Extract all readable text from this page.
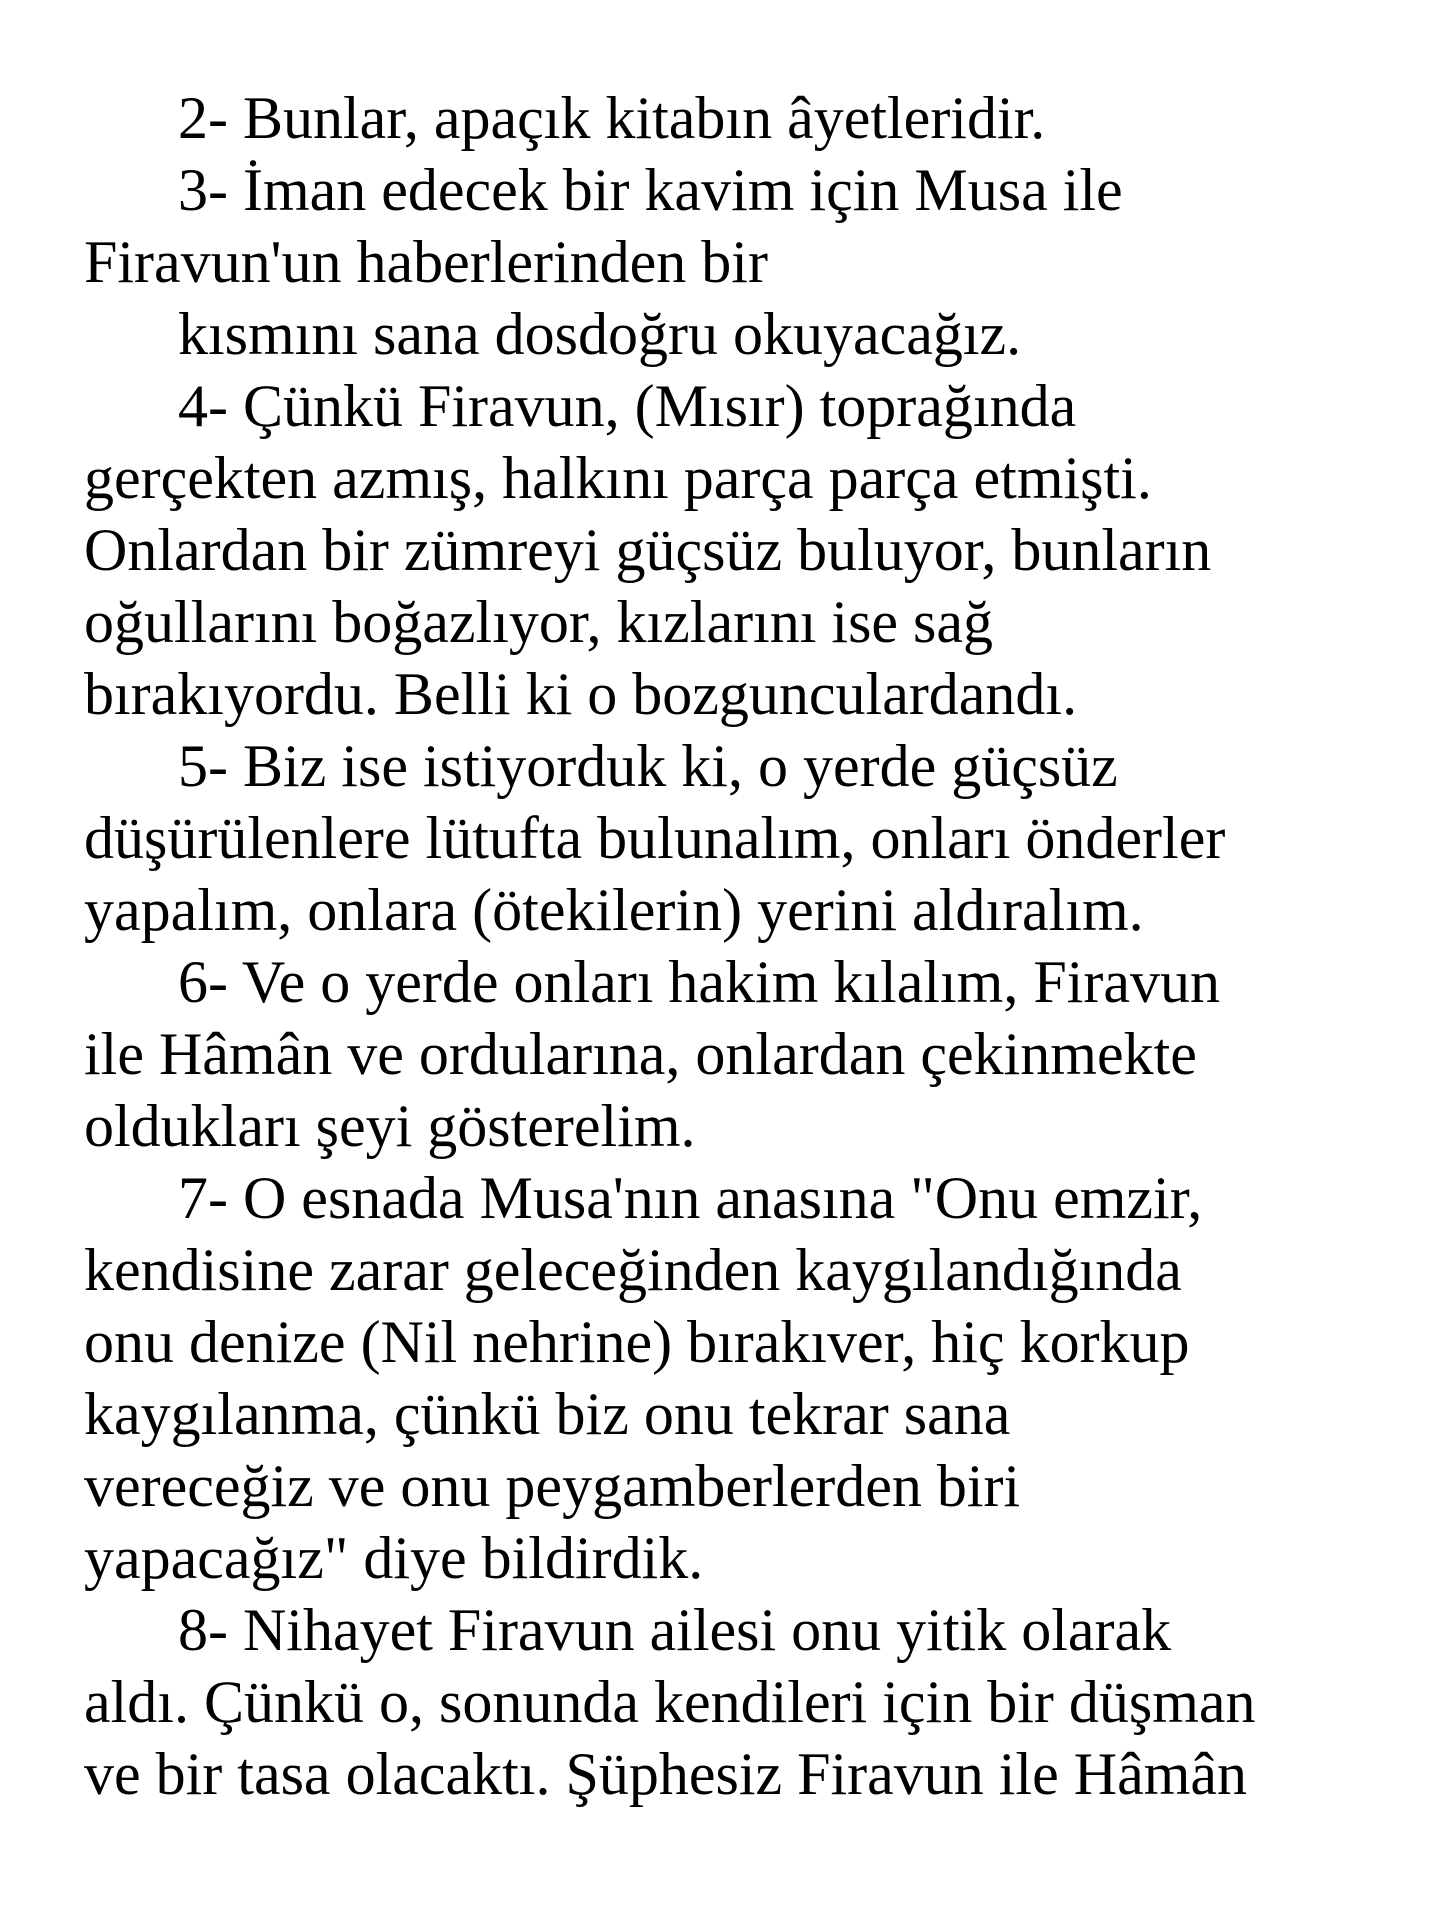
2- Bunlar, apaçık kitabın âyetleridir.
3- İman edecek bir kavim için Musa ile
Firavun'un haberlerinden bir
kısmını sana dosdoğru okuyacağız.
4- Çünkü Firavun, (Mısır) toprağında
gerçekten azmış, halkını parça parça etmişti.
Onlardan bir zümreyi güçsüz buluyor, bunların
oğullarını boğazlıyor, kızlarını ise sağ
bırakıyordu. Belli ki o bozgunculardandı.
5- Biz ise istiyorduk ki, o yerde güçsüz
düşürülenlere lütufta bulunalım, onları önderler
yapalım, onlara (ötekilerin) yerini aldıralım.
6- Ve o yerde onları hakim kılalım, Firavun
ile Hâmân ve ordularına, onlardan çekinmekte
oldukları şeyi gösterelim.
7- O esnada Musa'nın anasına "Onu emzir,
kendisine zarar geleceğinden kaygılandığında
onu denize (Nil nehrine) bırakıver, hiç korkup
kaygılanma, çünkü biz onu tekrar sana
vereceğiz ve onu peygamberlerden biri
yapacağız" diye bildirdik.
8- Nihayet Firavun ailesi onu yitik olarak
aldı. Çünkü o, sonunda kendileri için bir düşman
ve bir tasa olacaktı. Şüphesiz Firavun ile Hâmân
